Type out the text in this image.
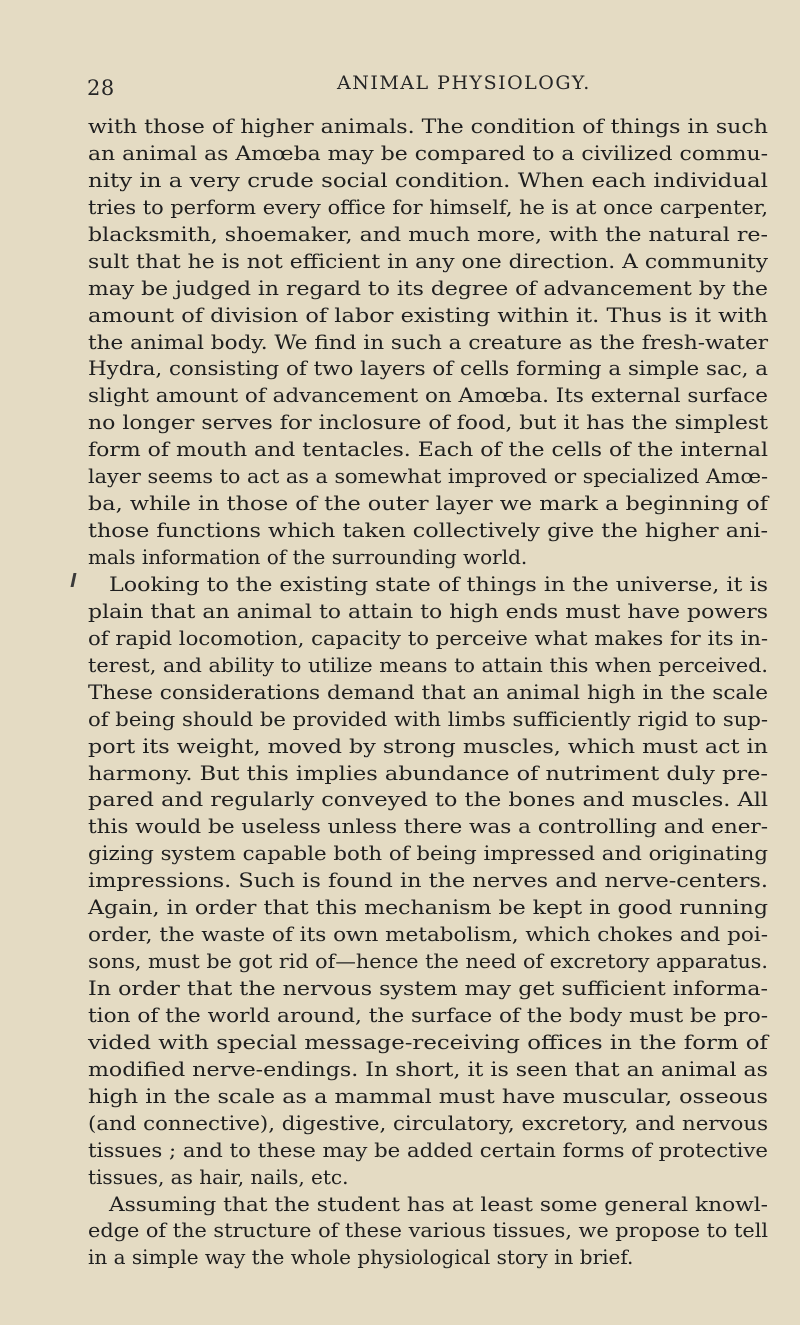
28	ANIMAL PHYSIOLOGY.
with those of higher animals. The condition of things in such
an animal as Amœba may be compared to a civilized commu-
nity in a very crude social condition. When each individual
tries to perform every office for himself, he is at once carpenter,
blacksmith, shoemaker, and much more, with the natural re-
sult that he is not efficient in any one direction. A community
may be judged in regard to its degree of advancement by the
amount of division of labor existing within it. Thus is it with
the animal body. We find in such a creature as the fresh-water
Hydra, consisting of two layers of cells forming a simple sac, a
slight amount of advancement on Amœba. Its external surface
no longer serves for inclosure of food, but it has the simplest
form of mouth and tentacles. Each of the cells of the internal
layer seems to act as a somewhat improved or specialized Amœ-
ba, while in those of the outer layer we mark a beginning of
those functions which taken collectively give the higher ani-
mals information of the surrounding world.
Looking to the existing state of things in the universe, it is
plain that an animal to attain to high ends must have powers
of rapid locomotion, capacity to perceive what makes for its in-
terest, and ability to utilize means to attain this when perceived.
These considerations demand that an animal high in the scale
of being should be provided with limbs sufficiently rigid to sup-
port its weight, moved by strong muscles, which must act in
harmony. But this implies abundance of nutriment duly pre-
pared and regularly conveyed to the bones and muscles. All
this would be useless unless there was a controlling and ener-
gizing system capable both of being impressed and originating
impressions. Such is found in the nerves and nerve-centers.
Again, in order that this mechanism be kept in good running
order, the waste of its own metabolism, which chokes and poi-
sons, must be got rid of—hence the need of excretory apparatus.
In order that the nervous system may get sufficient informa-
tion of the world around, the surface of the body must be pro-
vided with special message-receiving offices in the form of
modified nerve-endings. In short, it is seen that an animal as
high in the scale as a mammal must have muscular, osseous
(and connective), digestive, circulatory, excretory, and nervous
tissues ; and to these may be added certain forms of protective
tissues, as hair, nails, etc.
Assuming that the student has at least some general knowl-
edge of the structure of these various tissues, we propose to tell
in a simple way the whole physiological story in brief.
